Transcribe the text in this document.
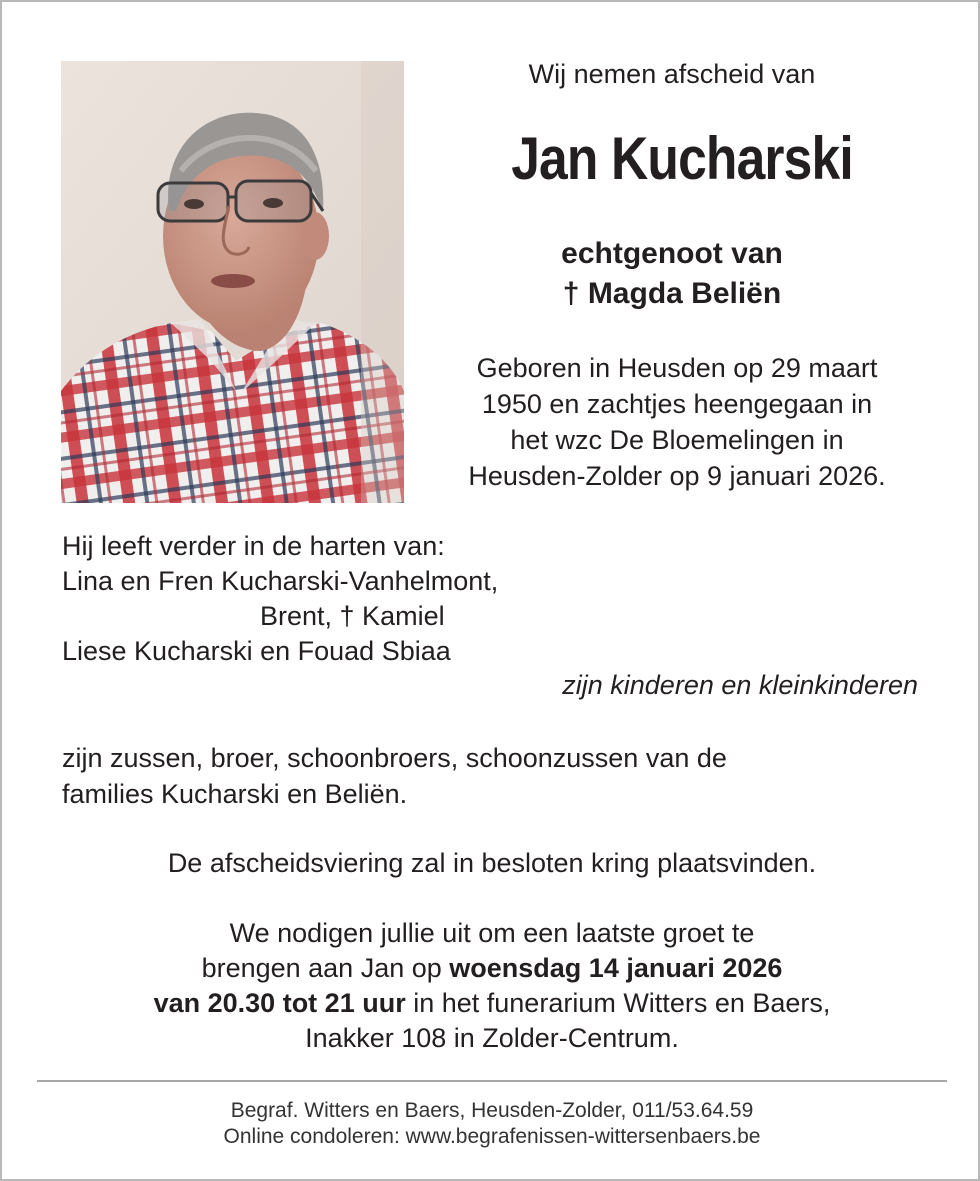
Wij nemen afscheid van
Jan Kucharski
echtgenoot van
† Magda Beliën
Geboren in Heusden op 29 maart
1950 en zachtjes heengegaan in
het wzc De Bloemelingen in
Heusden-Zolder op 9 januari 2026.
Hij leeft verder in de harten van:
Lina en Fren Kucharski-Vanhelmont,
Brent, † Kamiel
Liese Kucharski en Fouad Sbiaa
zijn kinderen en kleinkinderen
zijn zussen, broer, schoonbroers, schoonzussen van de
families Kucharski en Beliën.
De afscheidsviering zal in besloten kring plaatsvinden.
We nodigen jullie uit om een laatste groet te
brengen aan Jan op woensdag 14 januari 2026
van 20.30 tot 21 uur in het funerarium Witters en Baers,
Inakker 108 in Zolder-Centrum.
Begraf. Witters en Baers, Heusden-Zolder, 011/53.64.59
Online condoleren: www.begrafenissen-wittersenbaers.be
